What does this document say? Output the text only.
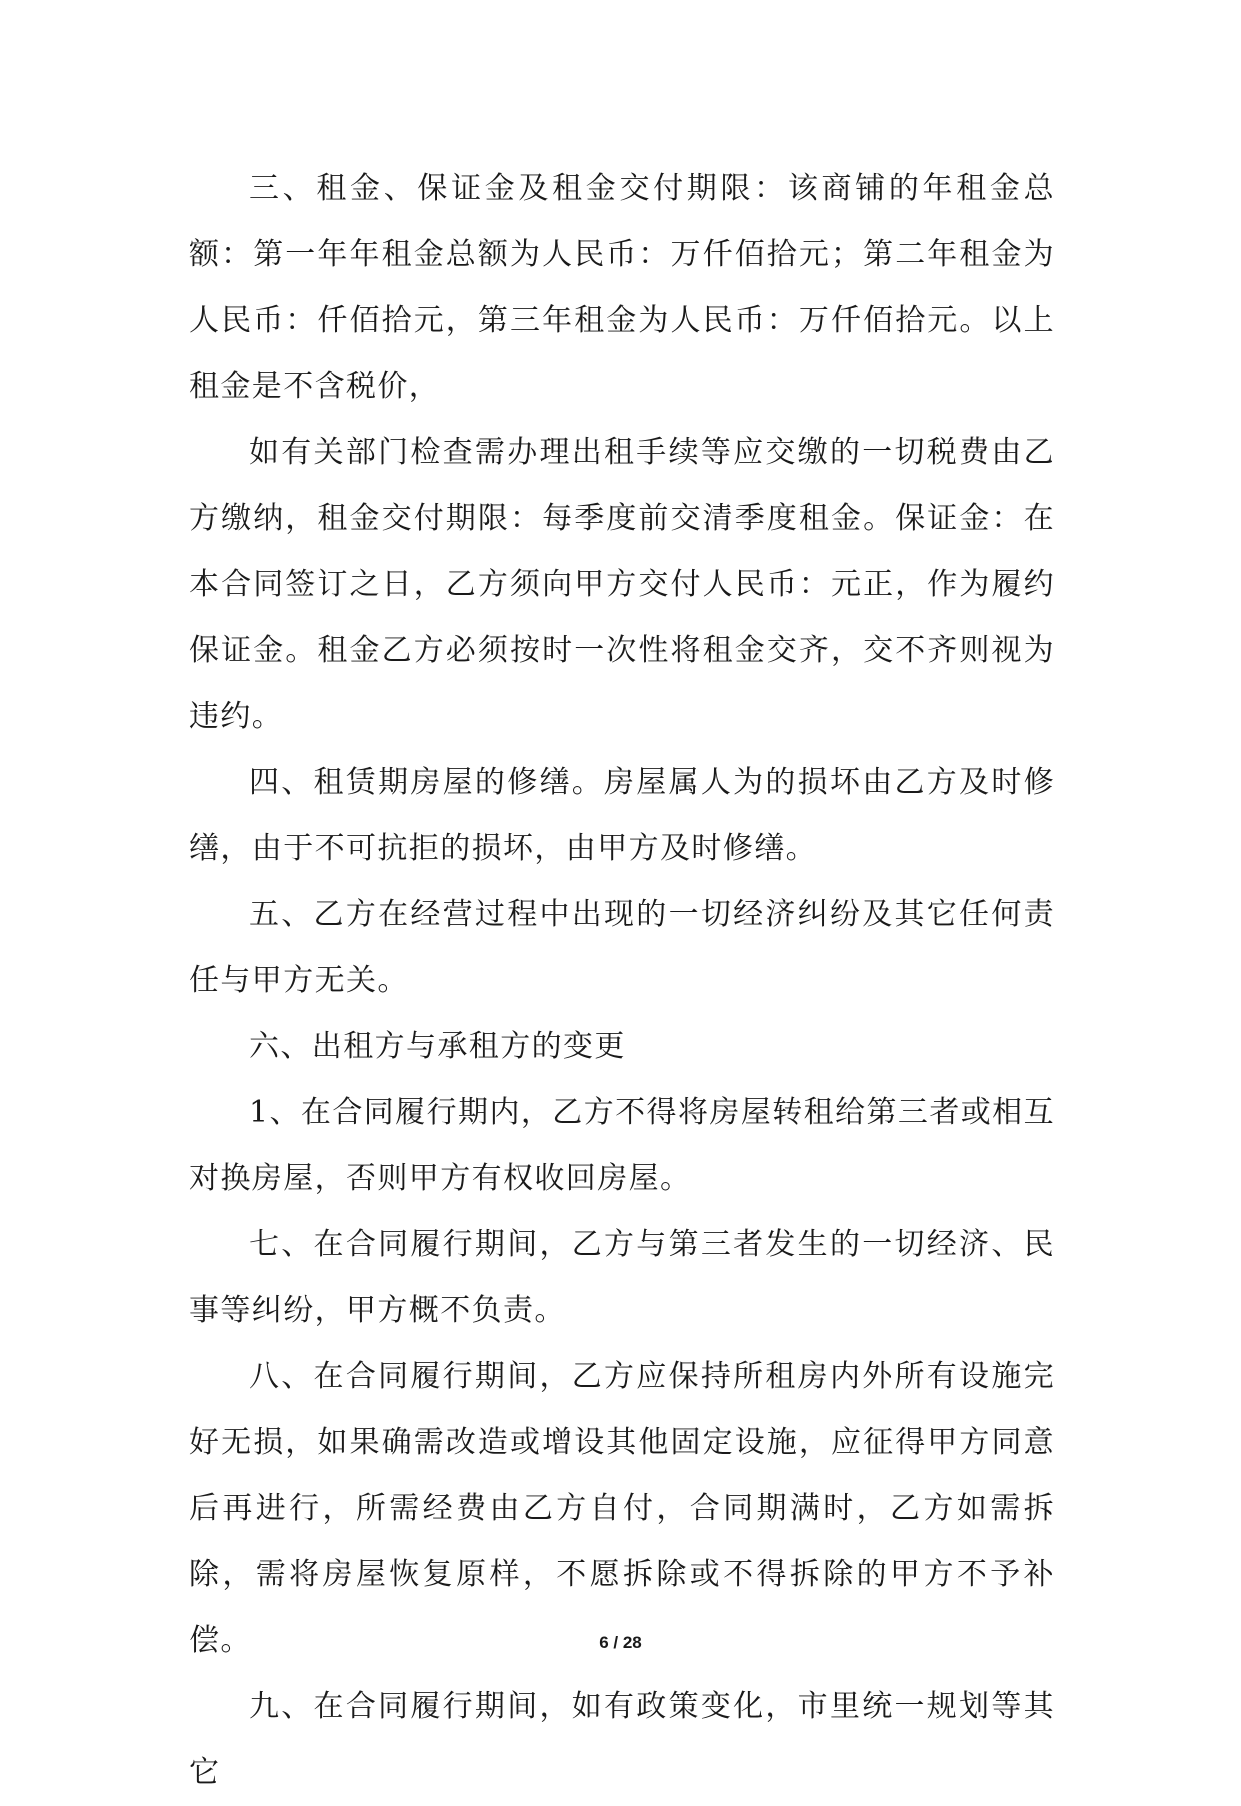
三、租金、保证金及租金交付期限：该商铺的年租金总额：第一年年租金总额为人民币：万仟佰拾元；第二年租金为人民币：仟佰拾元，第三年租金为人民币：万仟佰拾元。以上租金是不含税价，

如有关部门检查需办理出租手续等应交缴的一切税费由乙方缴纳，租金交付期限：每季度前交清季度租金。保证金：在本合同签订之日，乙方须向甲方交付人民币：元正，作为履约保证金。租金乙方必须按时一次性将租金交齐，交不齐则视为违约。

四、租赁期房屋的修缮。房屋属人为的损坏由乙方及时修缮，由于不可抗拒的损坏，由甲方及时修缮。

五、乙方在经营过程中出现的一切经济纠纷及其它任何责任与甲方无关。

六、出租方与承租方的变更

1、在合同履行期内，乙方不得将房屋转租给第三者或相互对换房屋，否则甲方有权收回房屋。

七、在合同履行期间，乙方与第三者发生的一切经济、民事等纠纷，甲方概不负责。

八、在合同履行期间，乙方应保持所租房内外所有设施完好无损，如果确需改造或增设其他固定设施，应征得甲方同意后再进行，所需经费由乙方自付，合同期满时，乙方如需拆除，需将房屋恢复原样，不愿拆除或不得拆除的甲方不予补偿。

九、在合同履行期间，如有政策变化，市里统一规划等其它

6 / 28
